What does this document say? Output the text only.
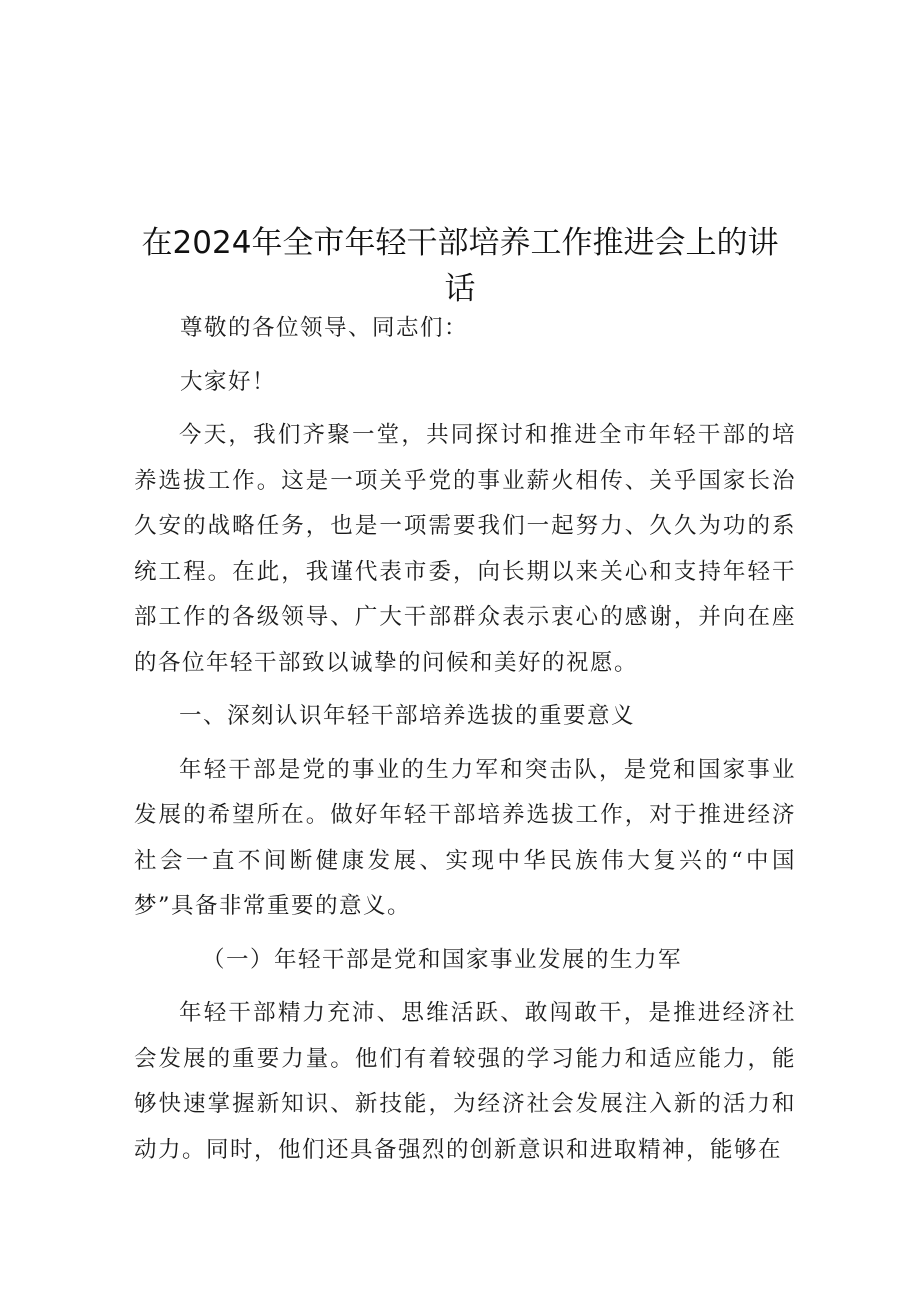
在2024年全市年轻干部培养工作推进会上的讲话

尊敬的各位领导、同志们：

大家好！

今天，我们齐聚一堂，共同探讨和推进全市年轻干部的培养选拔工作。这是一项关乎党的事业薪火相传、关乎国家长治久安的战略任务，也是一项需要我们一起努力、久久为功的系统工程。在此，我谨代表市委，向长期以来关心和支持年轻干部工作的各级领导、广大干部群众表示衷心的感谢，并向在座的各位年轻干部致以诚挚的问候和美好的祝愿。

一、深刻认识年轻干部培养选拔的重要意义

年轻干部是党的事业的生力军和突击队，是党和国家事业发展的希望所在。做好年轻干部培养选拔工作，对于推进经济社会一直不间断健康发展、实现中华民族伟大复兴的“中国梦”具备非常重要的意义。

（一）年轻干部是党和国家事业发展的生力军

年轻干部精力充沛、思维活跃、敢闯敢干，是推进经济社会发展的重要力量。他们有着较强的学习能力和适应能力，能够快速掌握新知识、新技能，为经济社会发展注入新的活力和动力。同时，他们还具备强烈的创新意识和进取精神，能够在
